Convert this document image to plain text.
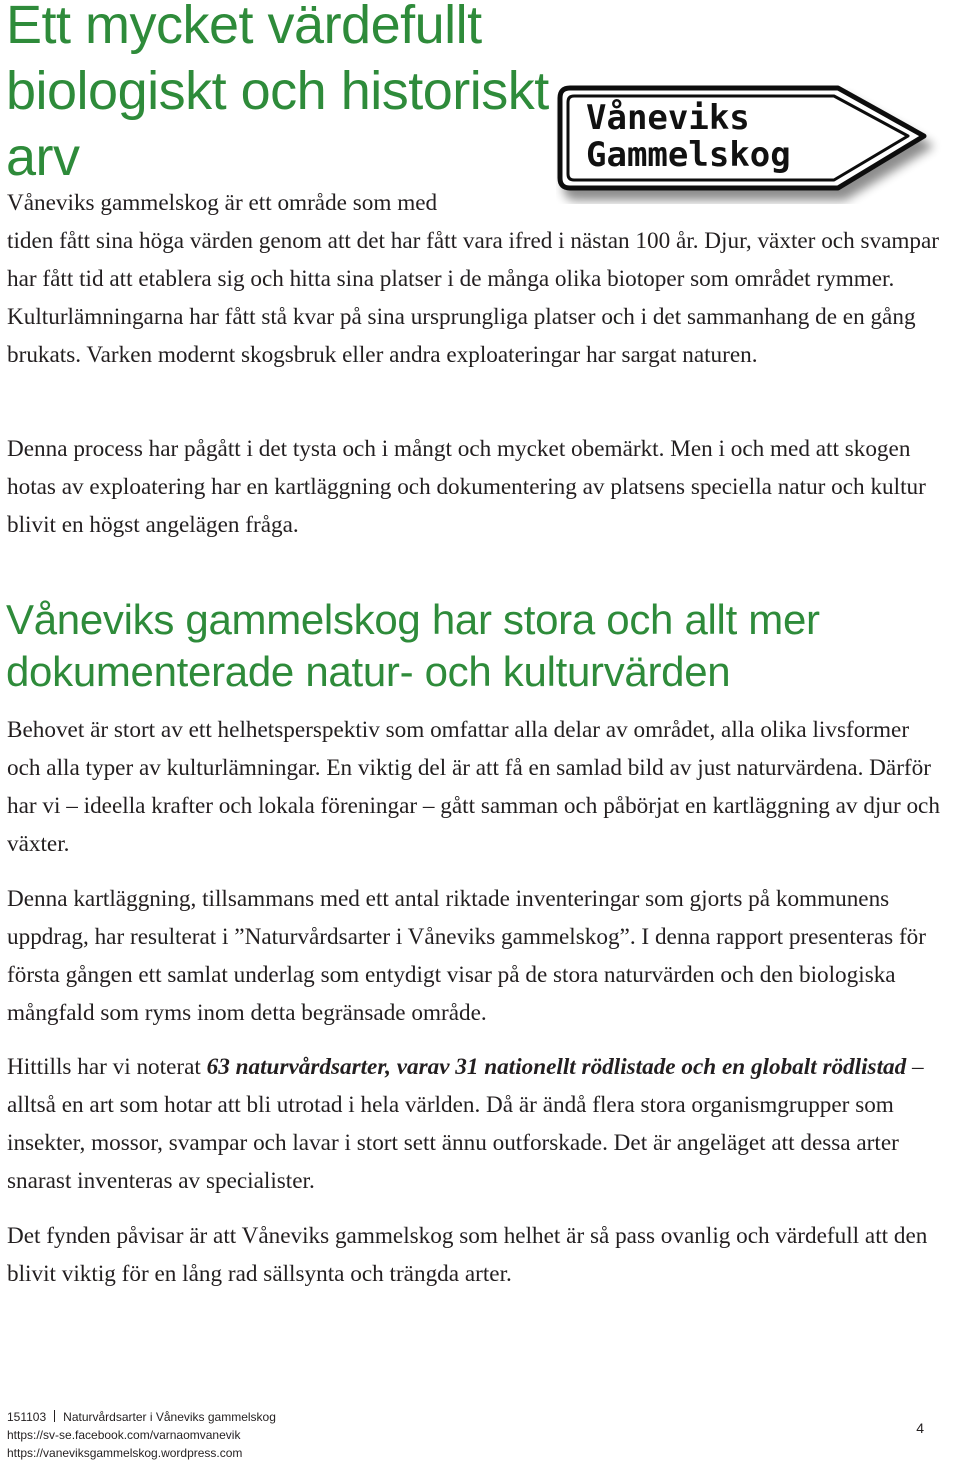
Ett mycket värdefullt biologiskt och historiskt arv
Våneviks
Gammelskog

Våneviks gammelskog är ett område som med
tiden fått sina höga värden genom att det har fått vara ifred i nästan 100 år. Djur, växter och svampar har fått tid att etablera sig och hitta sina platser i de många olika biotoper som området rymmer. Kulturlämningarna har fått stå kvar på sina ursprungliga platser och i det sammanhang de en gång brukats. Varken modernt skogsbruk eller andra exploateringar har sargat naturen.

Denna process har pågått i det tysta och i mångt och mycket obemärkt. Men i och med att skogen hotas av exploatering har en kartläggning och dokumentering av platsens speciella natur och kultur blivit en högst angelägen fråga.

Våneviks gammelskog har stora och allt mer dokumenterade natur- och kulturvärden

Behovet är stort av ett helhetsperspektiv som omfattar alla delar av området, alla olika livsformer och alla typer av kulturlämningar. En viktig del är att få en samlad bild av just naturvärdena. Därför har vi – ideella krafter och lokala föreningar – gått samman och påbörjat en kartläggning av djur och växter.

Denna kartläggning, tillsammans med ett antal riktade inventeringar som gjorts på kommunens uppdrag, har resulterat i ”Naturvårdsarter i Våneviks gammelskog”. I denna rapport presenteras för första gången ett samlat underlag som entydigt visar på de stora naturvärden och den biologiska mångfald som ryms inom detta begränsade område.

Hittills har vi noterat 63 naturvårdsarter, varav 31 nationellt rödlistade och en globalt rödlistad – alltså en art som hotar att bli utrotad i hela världen. Då är ändå flera stora organismgrupper som insekter, mossor, svampar och lavar i stort sett ännu outforskade. Det är angeläget att dessa arter snarast inventeras av specialister.

Det fynden påvisar är att Våneviks gammelskog som helhet är så pass ovanlig och värdefull att den blivit viktig för en lång rad sällsynta och trängda arter.

151103 Naturvårdsarter i Våneviks gammelskog
https://sv-se.facebook.com/varnaomvanevik
https://vaneviksgammelskog.wordpress.com
4
